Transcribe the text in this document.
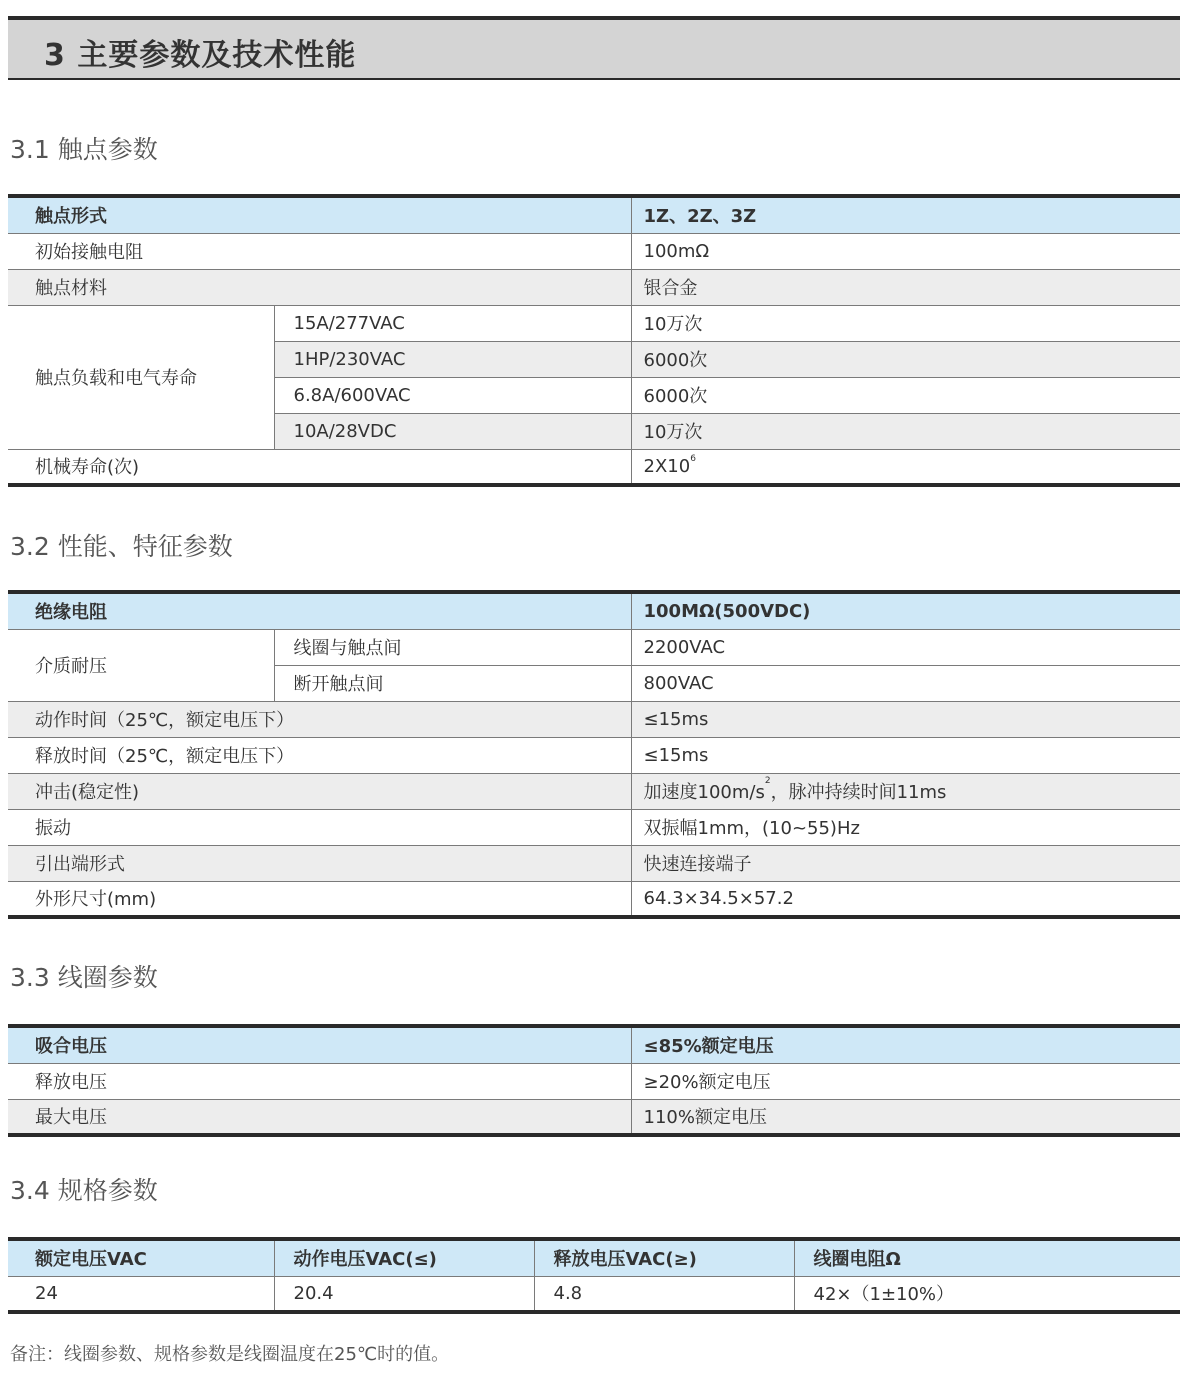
3 主要参数及技术性能
3.1 触点参数
触点形式		1Z、2Z、3Z
初始接触电阻		100mΩ
触点材料		银合金
触点负载和电气寿命	15A/277VAC	10万次
	1HP/230VAC	6000次
	6.8A/600VAC	6000次
	10A/28VDC	10万次
机械寿命(次)		$2X10^6$
3.2 性能、特征参数
绝缘电阻		100MΩ(500VDC)
介质耐压	线圈与触点间	2200VAC
	断开触点间	800VAC
动作时间（25℃，额定电压下）		≤15ms
释放时间（25℃，额定电压下）		≤15ms
冲击(稳定性)		加速度$100m/s^2$，脉冲持续时间11ms
振动		双振幅1mm，(10~55)Hz
引出端形式		快速连接端子
外形尺寸(mm)		64.3×34.5×57.2
3.3 线圈参数
吸合电压	≤85%额定电压
释放电压	≥20%额定电压
最大电压	110%额定电压
3.4 规格参数
额定电压VAC	动作电压VAC(≤)	释放电压VAC(≥)	线圈电阻Ω
24	20.4	4.8	42×（1±10%）
备注：线圈参数、规格参数是线圈温度在25℃时的值。
